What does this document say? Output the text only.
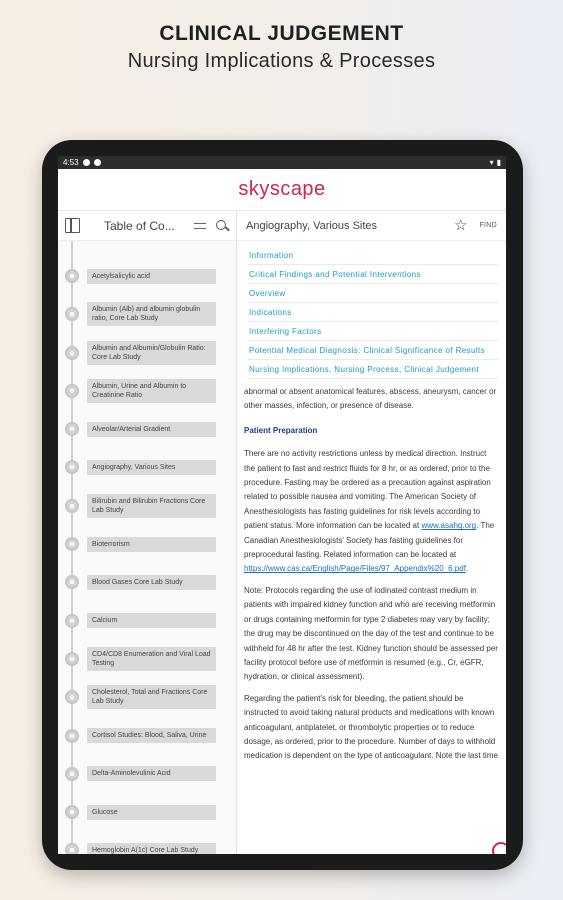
CLINICAL JUDGEMENT
Nursing Implications & Processes
4:53	▾ ▮
skyscape
Table of Co...
Acetylsalicylic acid
Albumin (Alb) and albumin globulin ratio, Core Lab Study
Albumin and Albumin/Globulin Ratio: Core Lab Study
Albumin, Urine and Albumin to Creatinine Ratio
Alveolar/Arterial Gradient
Angiography, Various Sites
Bilirubin and Bilirubin Fractions Core Lab Study
Bioterrorism
Blood Gases Core Lab Study
Calcium
CD4/CD8 Enumeration and Viral Load Testing
Cholesterol, Total and Fractions Core Lab Study
Cortisol Studies: Blood, Saliva, Urine
Delta-Aminolevulinic Acid
Glucose
Hemoglobin A(1c) Core Lab Study
Angiography, Various Sites	☆ FIND
Information
Critical Findings and Potential Interventions
Overview
Indications
Interfering Factors
Potential Medical Diagnosis: Clinical Significance of Results
Nursing Implications, Nursing Process, Clinical Judgement

abnormal or absent anatomical features, abscess, aneurysm, cancer or other masses, infection, or presence of disease.

Patient Preparation

There are no activity restrictions unless by medical direction. Instruct the patient to fast and restrict fluids for 8 hr, or as ordered, prior to the procedure. Fasting may be ordered as a precaution against aspiration related to possible nausea and vomiting. The American Society of Anesthesiologists has fasting guidelines for risk levels according to patient status. More information can be located at www.asahq.org. The Canadian Anesthesiologists' Society has fasting guidelines for preprocedural fasting. Related information can be located at https://www.cas.ca/English/Page/Files/97_Appendix%20_6.pdf.

Note: Protocols regarding the use of iodinated contrast medium in patients with impaired kidney function and who are receiving metformin or drugs containing metformin for type 2 diabetes may vary by facility; the drug may be discontinued on the day of the test and continue to be withheld for 48 hr after the test. Kidney function should be assessed per facility protocol before use of metformin is resumed (e.g., Cr, eGFR, hydration, or clinical assessment).

Regarding the patient's risk for bleeding, the patient should be instructed to avoid taking natural products and medications with known anticoagulant, antiplatelet, or thrombolytic properties or to reduce dosage, as ordered, prior to the procedure. Number of days to withhold medication is dependent on the type of anticoagulant. Note the last time
